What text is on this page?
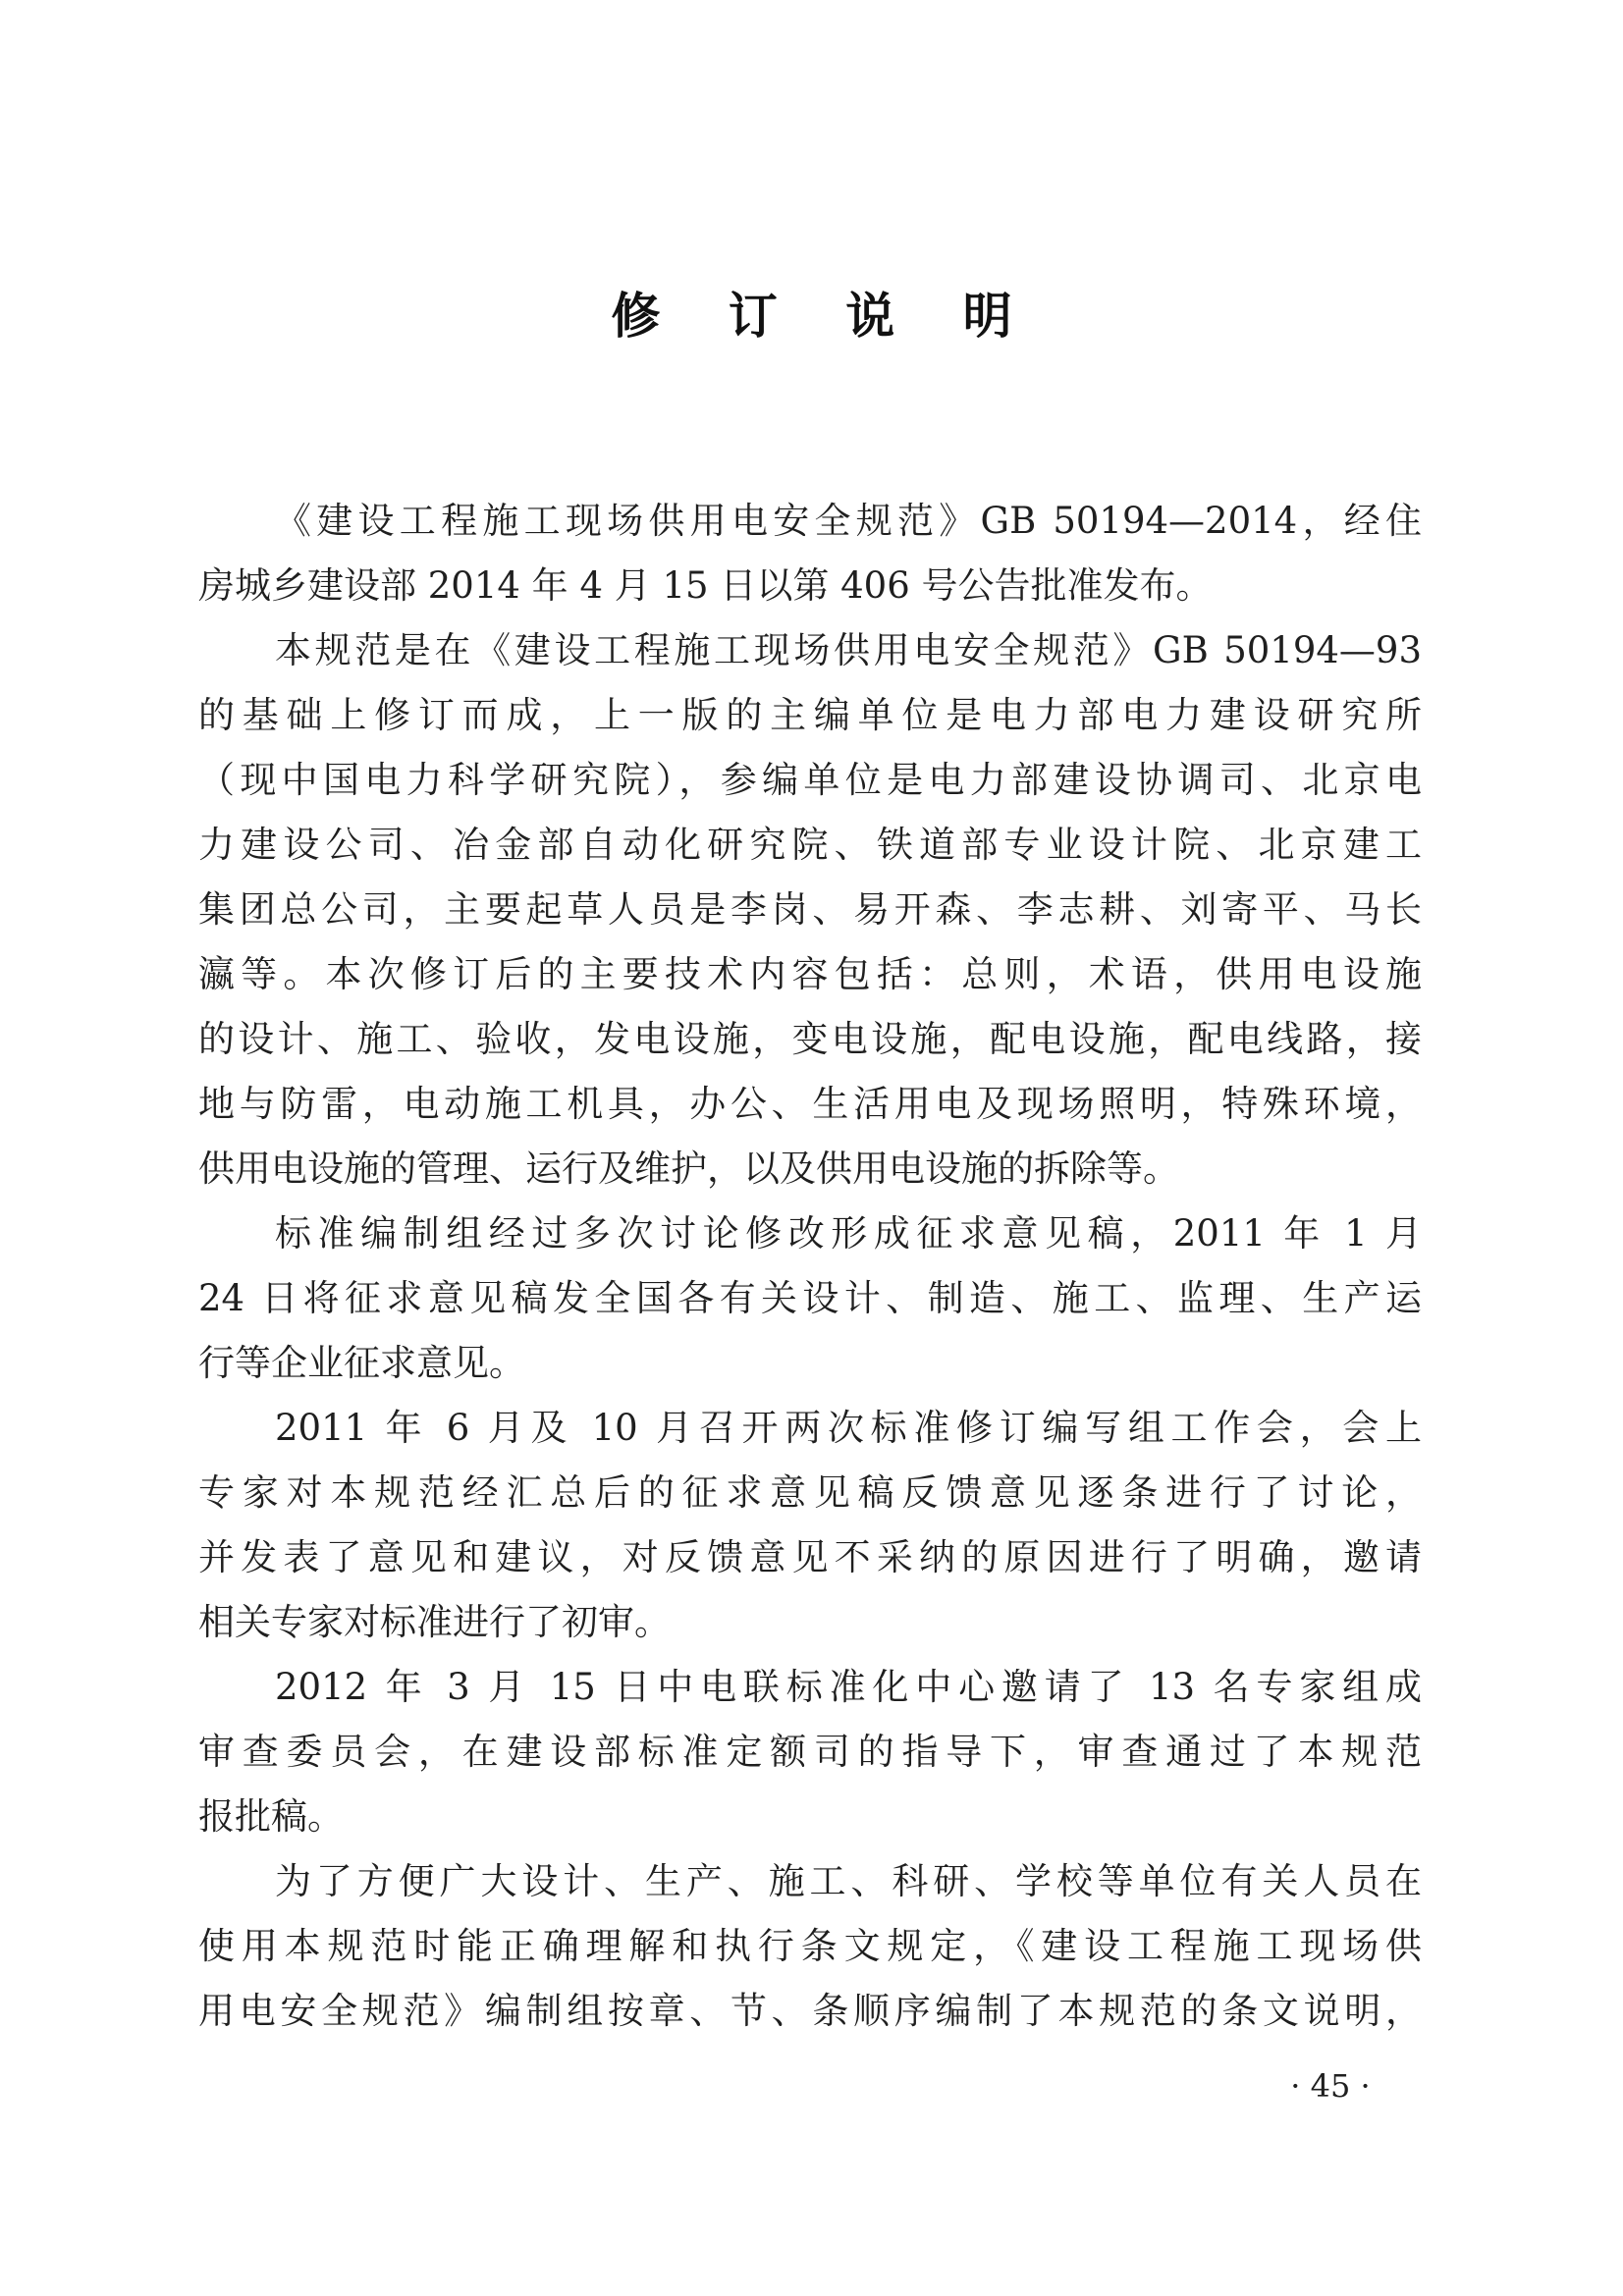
修 订 说 明
《建设工程施工现场供用电安全规范》GB 50194—2014，经住
房城乡建设部 2014 年 4 月 15 日以第 406 号公告批准发布。
本规范是在《建设工程施工现场供用电安全规范》GB 50194—93
的基础上修订而成，上一版的主编单位是电力部电力建设研究所
（现中国电力科学研究院），参编单位是电力部建设协调司、北京电
力建设公司、冶金部自动化研究院、铁道部专业设计院、北京建工
集团总公司，主要起草人员是李岗、易开森、李志耕、刘寄平、马长
瀛等。本次修订后的主要技术内容包括：总则，术语，供用电设施
的设计、施工、验收，发电设施，变电设施，配电设施，配电线路，接
地与防雷，电动施工机具，办公、生活用电及现场照明，特殊环境，
供用电设施的管理、运行及维护，以及供用电设施的拆除等。
标准编制组经过多次讨论修改形成征求意见稿，2011 年 1 月
24 日将征求意见稿发全国各有关设计、制造、施工、监理、生产运
行等企业征求意见。
2011 年 6 月及 10 月召开两次标准修订编写组工作会，会上
专家对本规范经汇总后的征求意见稿反馈意见逐条进行了讨论，
并发表了意见和建议，对反馈意见不采纳的原因进行了明确，邀请
相关专家对标准进行了初审。
2012 年 3 月 15 日中电联标准化中心邀请了 13 名专家组成
审查委员会，在建设部标准定额司的指导下，审查通过了本规范
报批稿。
为了方便广大设计、生产、施工、科研、学校等单位有关人员在
使用本规范时能正确理解和执行条文规定，《建设工程施工现场供
用电安全规范》编制组按章、节、条顺序编制了本规范的条文说明，
· 45 ·
